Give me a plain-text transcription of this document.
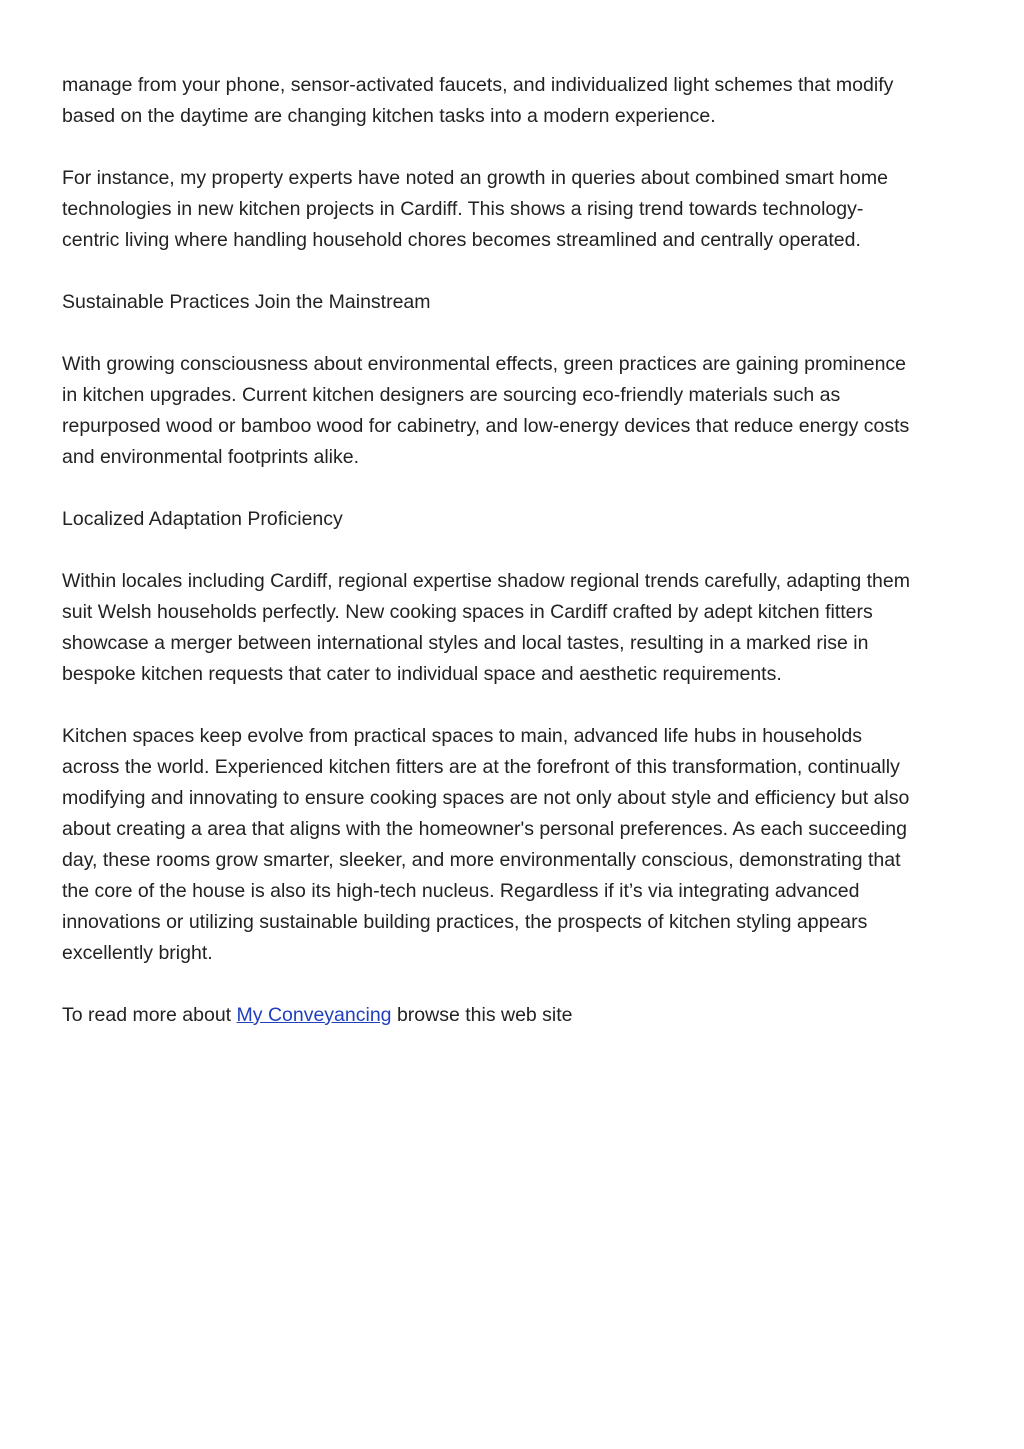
manage from your phone, sensor-activated faucets, and individualized light schemes that modify
based on the daytime are changing kitchen tasks into a modern experience.

For instance, my property experts have noted an growth in queries about combined smart home
technologies in new kitchen projects in Cardiff. This shows a rising trend towards technology-
centric living where handling household chores becomes streamlined and centrally operated.

Sustainable Practices Join the Mainstream

With growing consciousness about environmental effects, green practices are gaining prominence
in kitchen upgrades. Current kitchen designers are sourcing eco-friendly materials such as
repurposed wood or bamboo wood for cabinetry, and low-energy devices that reduce energy costs
and environmental footprints alike.

Localized Adaptation Proficiency

Within locales including Cardiff, regional expertise shadow regional trends carefully, adapting them
suit Welsh households perfectly. New cooking spaces in Cardiff crafted by adept kitchen fitters
showcase a merger between international styles and local tastes, resulting in a marked rise in
bespoke kitchen requests that cater to individual space and aesthetic requirements.

Kitchen spaces keep evolve from practical spaces to main, advanced life hubs in households
across the world. Experienced kitchen fitters are at the forefront of this transformation, continually
modifying and innovating to ensure cooking spaces are not only about style and efficiency but also
about creating a area that aligns with the homeowner's personal preferences. As each succeeding
day, these rooms grow smarter, sleeker, and more environmentally conscious, demonstrating that
the core of the house is also its high-tech nucleus. Regardless if it’s via integrating advanced
innovations or utilizing sustainable building practices, the prospects of kitchen styling appears
excellently bright.

To read more about My Conveyancing browse this web site
